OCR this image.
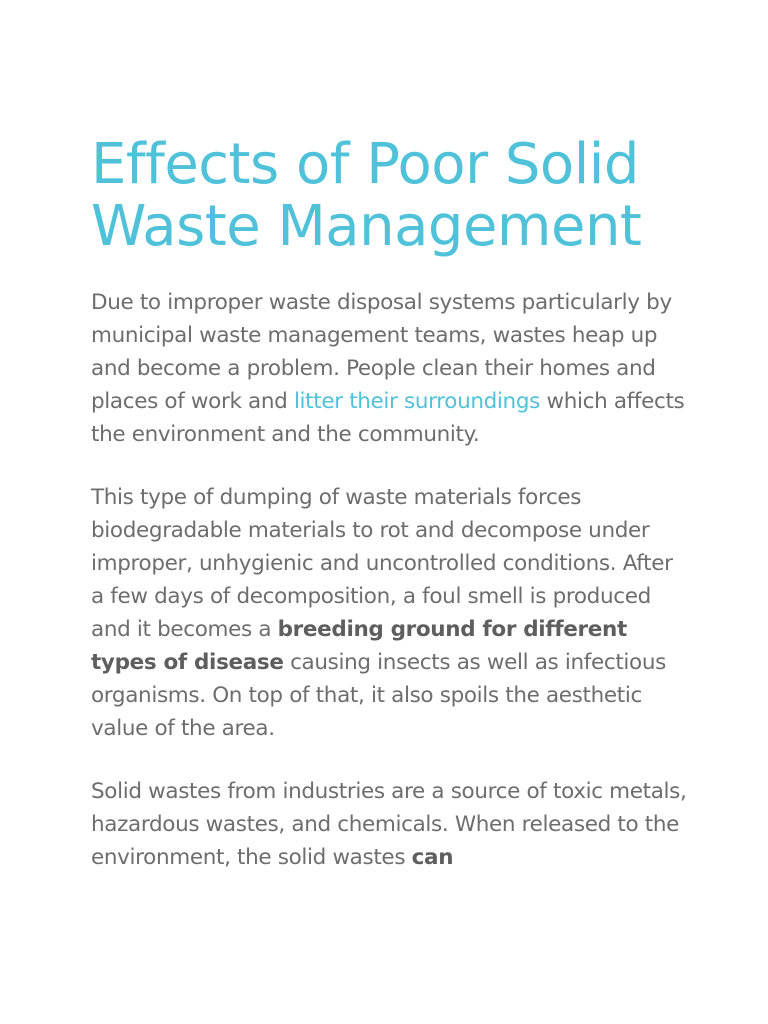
Effects of Poor Solid
Waste Management

Due to improper waste disposal systems particularly by municipal waste management teams, wastes heap up and become a problem. People clean their homes and places of work and litter their surroundings which affects the environment and the community.

This type of dumping of waste materials forces biodegradable materials to rot and decompose under improper, unhygienic and uncontrolled conditions. After a few days of decomposition, a foul smell is produced and it becomes a breeding ground for different types of disease causing insects as well as infectious organisms. On top of that, it also spoils the aesthetic value of the area.

Solid wastes from industries are a source of toxic metals, hazardous wastes, and chemicals. When released to the environment, the solid wastes can
